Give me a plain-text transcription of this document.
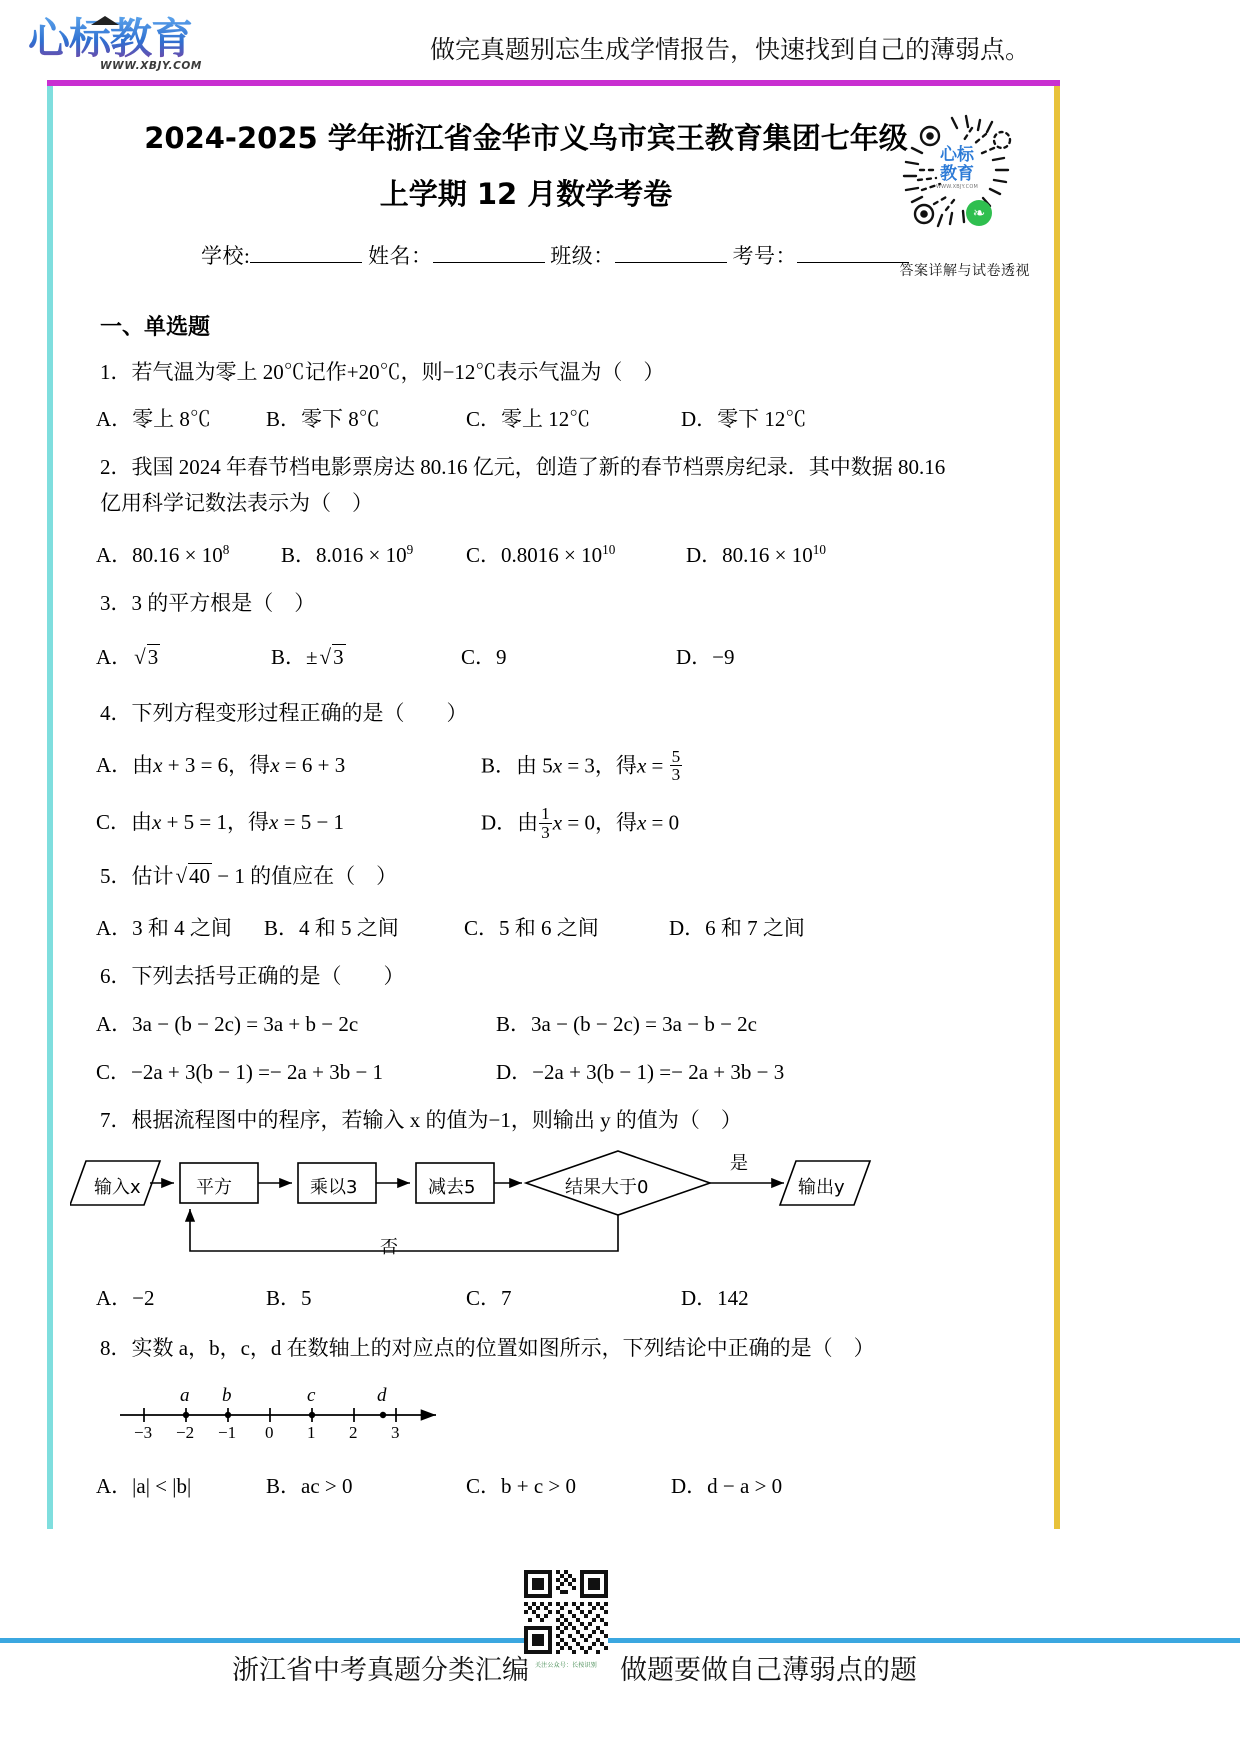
心标教育
WWW.XBJY.COM
做完真题别忘生成学情报告，快速找到自己的薄弱点。
心标
教育
WWW.XBJY.COM
❧
2024-2025 学年浙江省金华市义乌市宾王教育集团七年级
上学期 12 月数学考卷
学校:	姓名：	班级：	考号：
答案详解与试卷透视
一、单选题
1．若气温为零上 20℃记作+20℃，则−12℃表示气温为（　）
A．零上 8℃	B．零下 8℃	C．零上 12℃	D．零下 12℃
2．我国 2024 年春节档电影票房达 80.16 亿元，创造了新的春节档票房纪录．其中数据 80.16
亿用科学记数法表示为（　）
A．$80.16 \times 10^8$	B．$8.016 \times 10^9$	C．$0.8016 \times 10^{10}$	D．$80.16 \times 10^{10}$
3．3 的平方根是（　）
A．√3	B．±√3	C．9	D．−9
4．下列方程变形过程正确的是（　　）
A．由x + 3 = 6，得x = 6 + 3	B．由 5x = 3，得$x = \frac{5}{3}$
C．由x + 5 = 1，得x = 5 − 1	D．由 $\frac{1}{3}$ x = 0，得x = 0
5．估计√40 − 1 的值应在（　）
A．3 和 4 之间	B．4 和 5 之间	C．5 和 6 之间	D．6 和 7 之间
6．下列去括号正确的是（　　）
A．3a − (b − 2c) = 3a + b − 2c	B．3a − (b − 2c) = 3a − b − 2c
C．−2a + 3(b − 1) =− 2a + 3b − 1	D．−2a + 3(b − 1) =− 2a + 3b − 3
7．根据流程图中的程序，若输入 x 的值为−1，则输出 y 的值为（　）
输入x	平方	乘以3	减去5	结果大于0
是
否
输出y
A．−2	B．5	C．7	D．142
8．实数 a，b，c，d 在数轴上的对应点的位置如图所示，下列结论中正确的是（　）
a b	c	d
−3 −2 −1 0 1 2 3
A．|a| < |b|	B．ac > 0	C．b + c > 0	D．d − a > 0
浙江省中考真题分类汇编	做题要做自己薄弱点的题
关注公众号：长按识别
